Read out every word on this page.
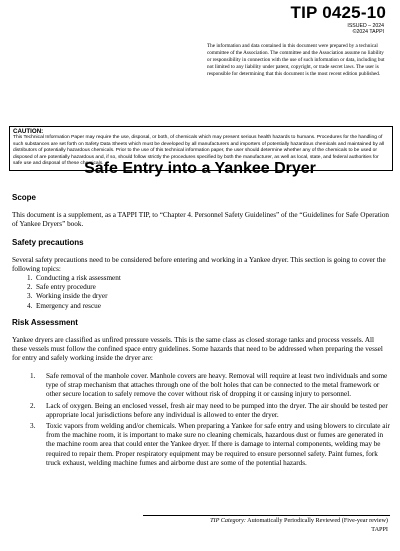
TIP 0425-10
ISSUED – 2024
©2024 TAPPI
The information and data contained in this document were prepared by a technical committee of the Association. The committee and the Association assume no liability or responsibility in connection with the use of such information or data, including but not limited to any liability under patent, copyright, or trade secret laws. The user is responsible for determining that this document is the most recent edition published.
CAUTION:
This Technical Information Paper may require the use, disposal, or both, of chemicals which may present serious health hazards to humans. Procedures for the handling of such substances are set forth on Safety Data Sheets which must be developed by all manufacturers and importers of potentially hazardous chemicals and maintained by all distributors of potentially hazardous chemicals. Prior to the use of this technical information paper, the user should determine whether any of the chemicals to be used or disposed of are potentially hazardous and, if so, should follow strictly the procedures specified by both the manufacturer, as well as local, state, and federal authorities for safe use and disposal of these chemicals.
Safe Entry into a Yankee Dryer
Scope
This document is a supplement, as a TAPPI TIP, to “Chapter 4. Personnel Safety Guidelines” of the “Guidelines for Safe Operation of Yankee Dryers” book.
Safety precautions
Several safety precautions need to be considered before entering and working in a Yankee dryer. This section is going to cover the following topics:
1. Conducting a risk assessment
2. Safe entry procedure
3. Working inside the dryer
4. Emergency and rescue
Risk Assessment
Yankee dryers are classified as unfired pressure vessels. This is the same class as closed storage tanks and process vessels. All these vessels must follow the confined space entry guidelines. Some hazards that need to be addressed when preparing the vessel for entry and safely working inside the dryer are:
1. Safe removal of the manhole cover. Manhole covers are heavy. Removal will require at least two individuals and some type of strap mechanism that attaches through one of the bolt holes that can be connected to the metal framework or other secure location to safely remove the cover without risk of dropping it or causing injury to personnel.
2. Lack of oxygen. Being an enclosed vessel, fresh air may need to be pumped into the dryer. The air should be tested per appropriate local jurisdictions before any individual is allowed to enter the dryer.
3. Toxic vapors from welding and/or chemicals. When preparing a Yankee for safe entry and using blowers to circulate air from the machine room, it is important to make sure no cleaning chemicals, hazardous dust or fumes are generated in the machine room area that could enter the Yankee dryer. If there is damage to internal components, welding may be required to repair them. Proper respiratory equipment may be required to ensure personnel safety. Paint fumes, fork truck exhaust, welding machine fumes and airborne dust are some of the potential hazards.
TIP Category: Automatically Periodically Reviewed (Five-year review)
TAPPI
